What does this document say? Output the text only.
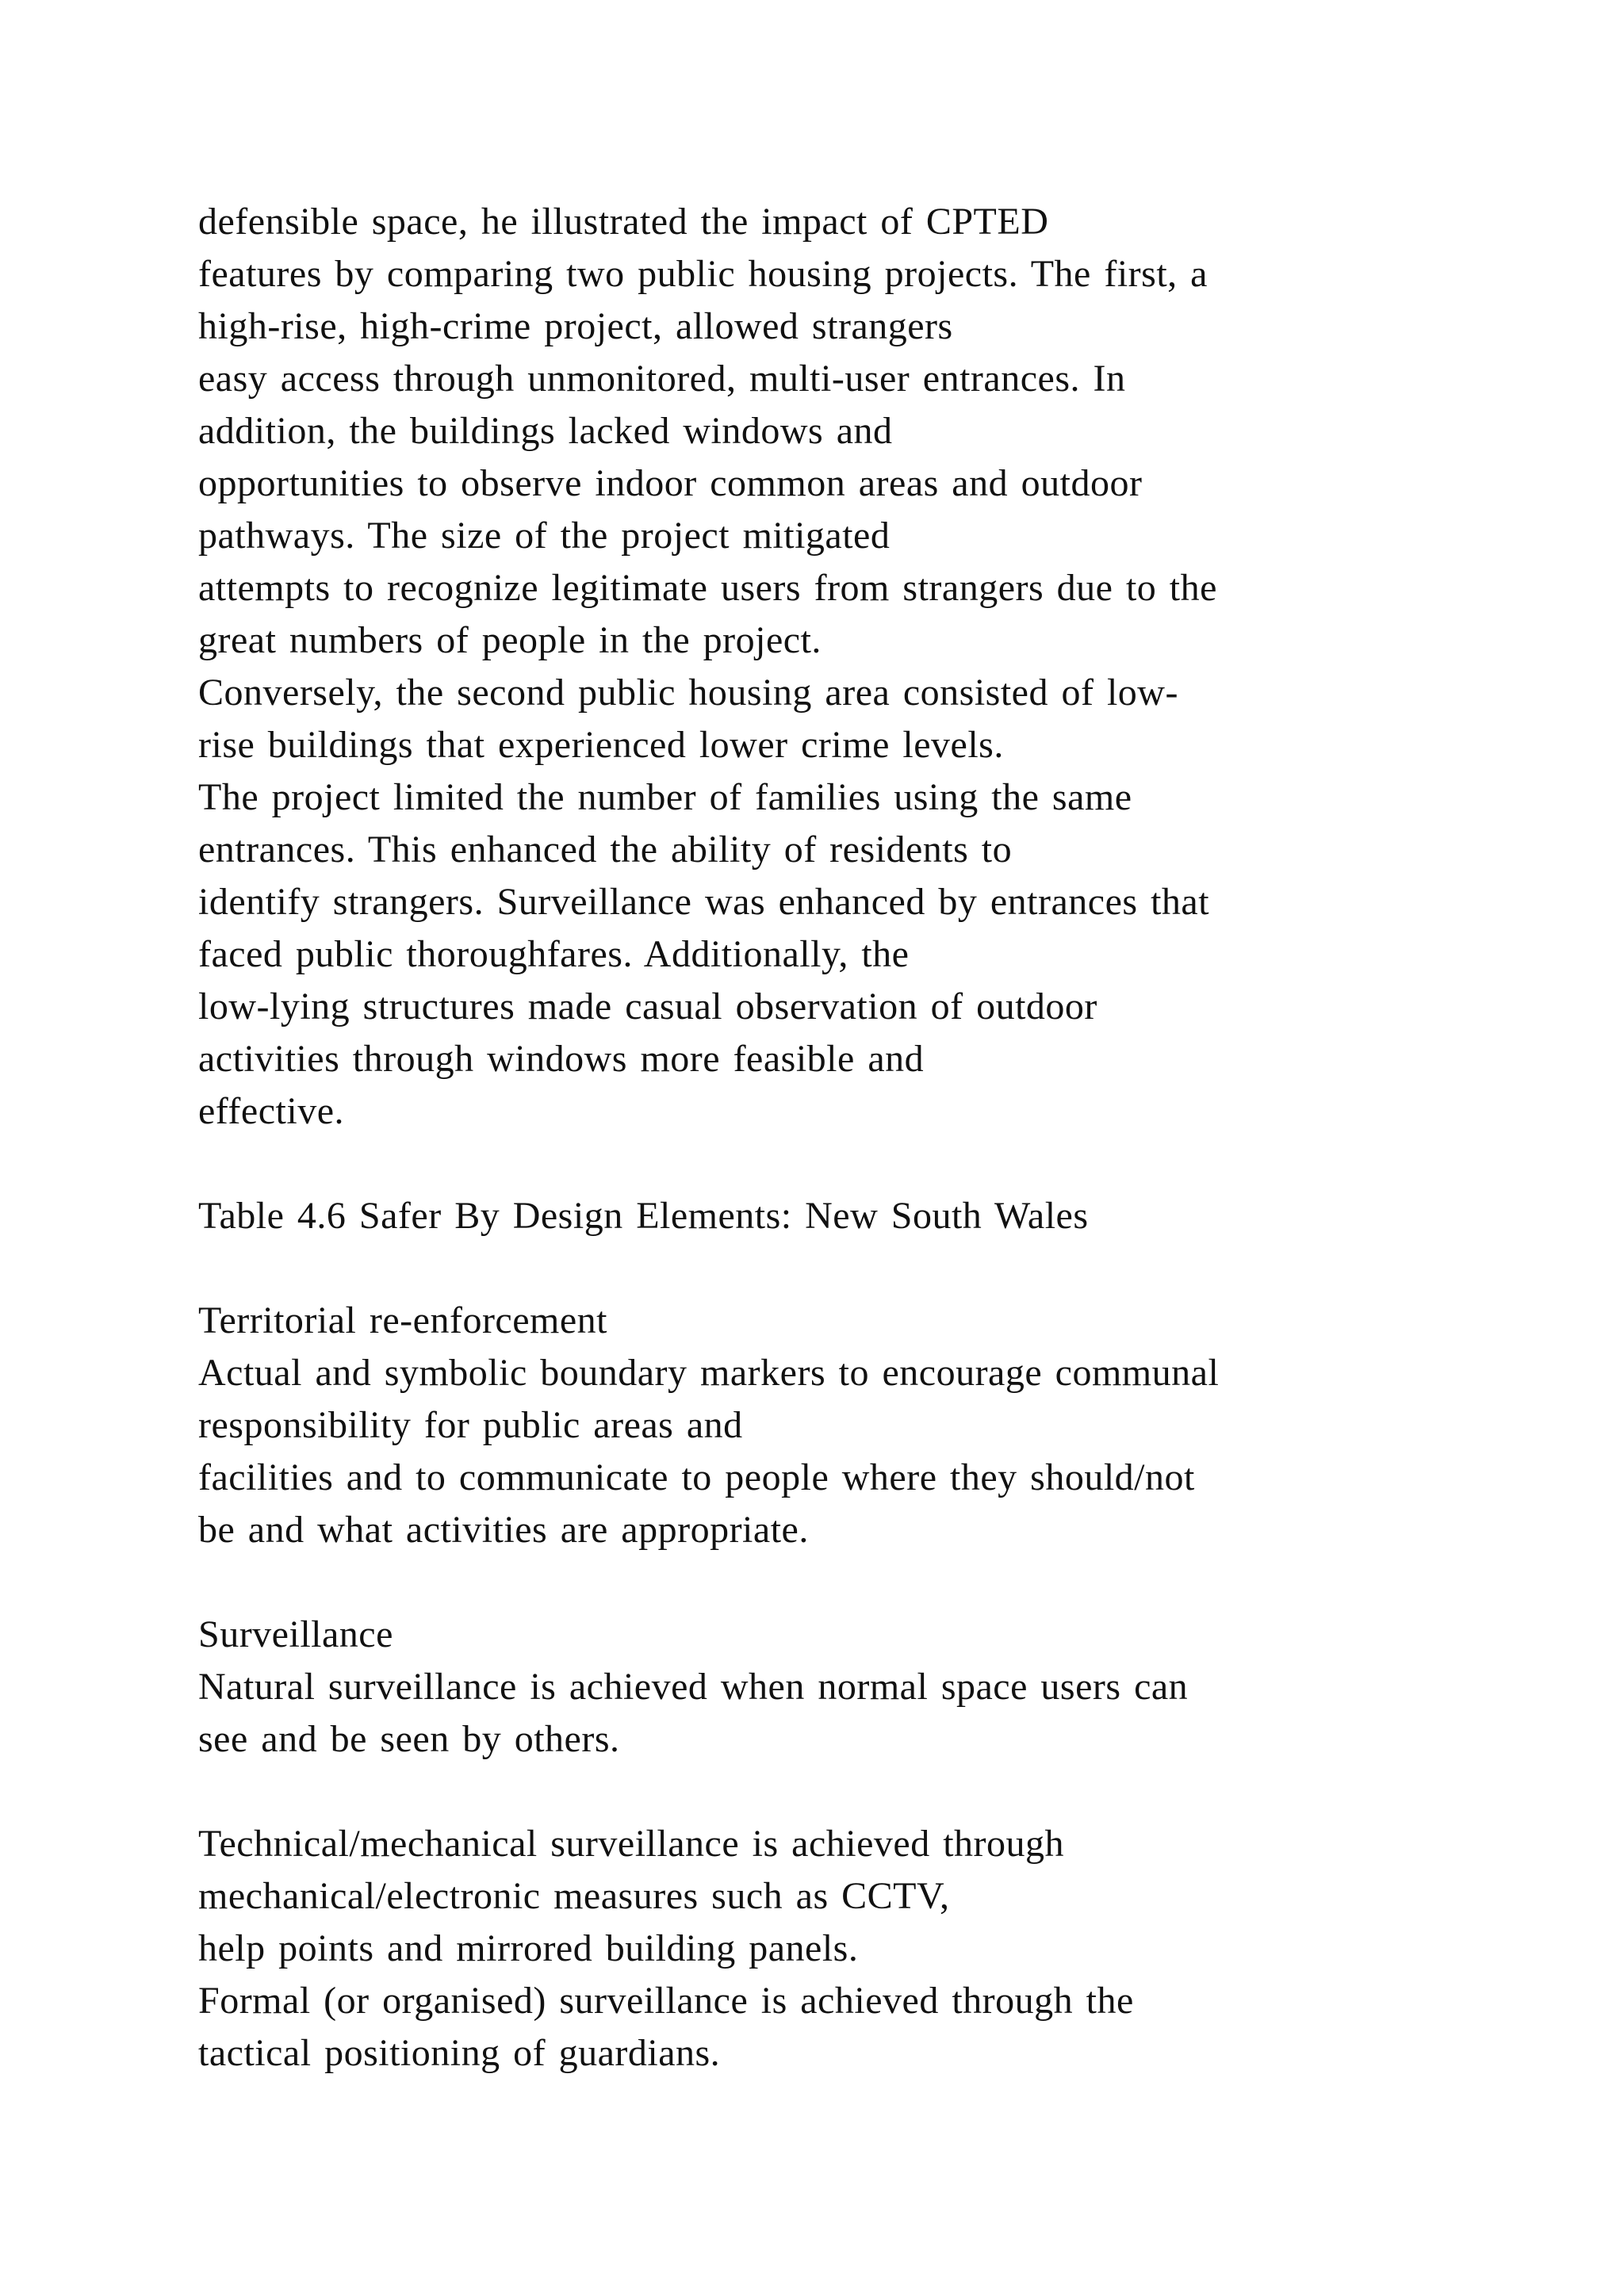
defensible space, he illustrated the impact of CPTED
features by comparing two public housing projects. The first, a
high-rise, high-crime project, allowed strangers
easy access through unmonitored, multi-user entrances. In
addition, the buildings lacked windows and
opportunities to observe indoor common areas and outdoor
pathways. The size of the project mitigated
attempts to recognize legitimate users from strangers due to the
great numbers of people in the project.
Conversely, the second public housing area consisted of low-
rise buildings that experienced lower crime levels.
The project limited the number of families using the same
entrances. This enhanced the ability of residents to
identify strangers. Surveillance was enhanced by entrances that
faced public thoroughfares. Additionally, the
low-lying structures made casual observation of outdoor
activities through windows more feasible and
effective.
Table 4.6 Safer By Design Elements: New South Wales
Territorial re-enforcement
Actual and symbolic boundary markers to encourage communal
responsibility for public areas and
facilities and to communicate to people where they should/not
be and what activities are appropriate.
Surveillance
Natural surveillance is achieved when normal space users can
see and be seen by others.
Technical/mechanical surveillance is achieved through
mechanical/electronic measures such as CCTV,
help points and mirrored building panels.
Formal (or organised) surveillance is achieved through the
tactical positioning of guardians.
